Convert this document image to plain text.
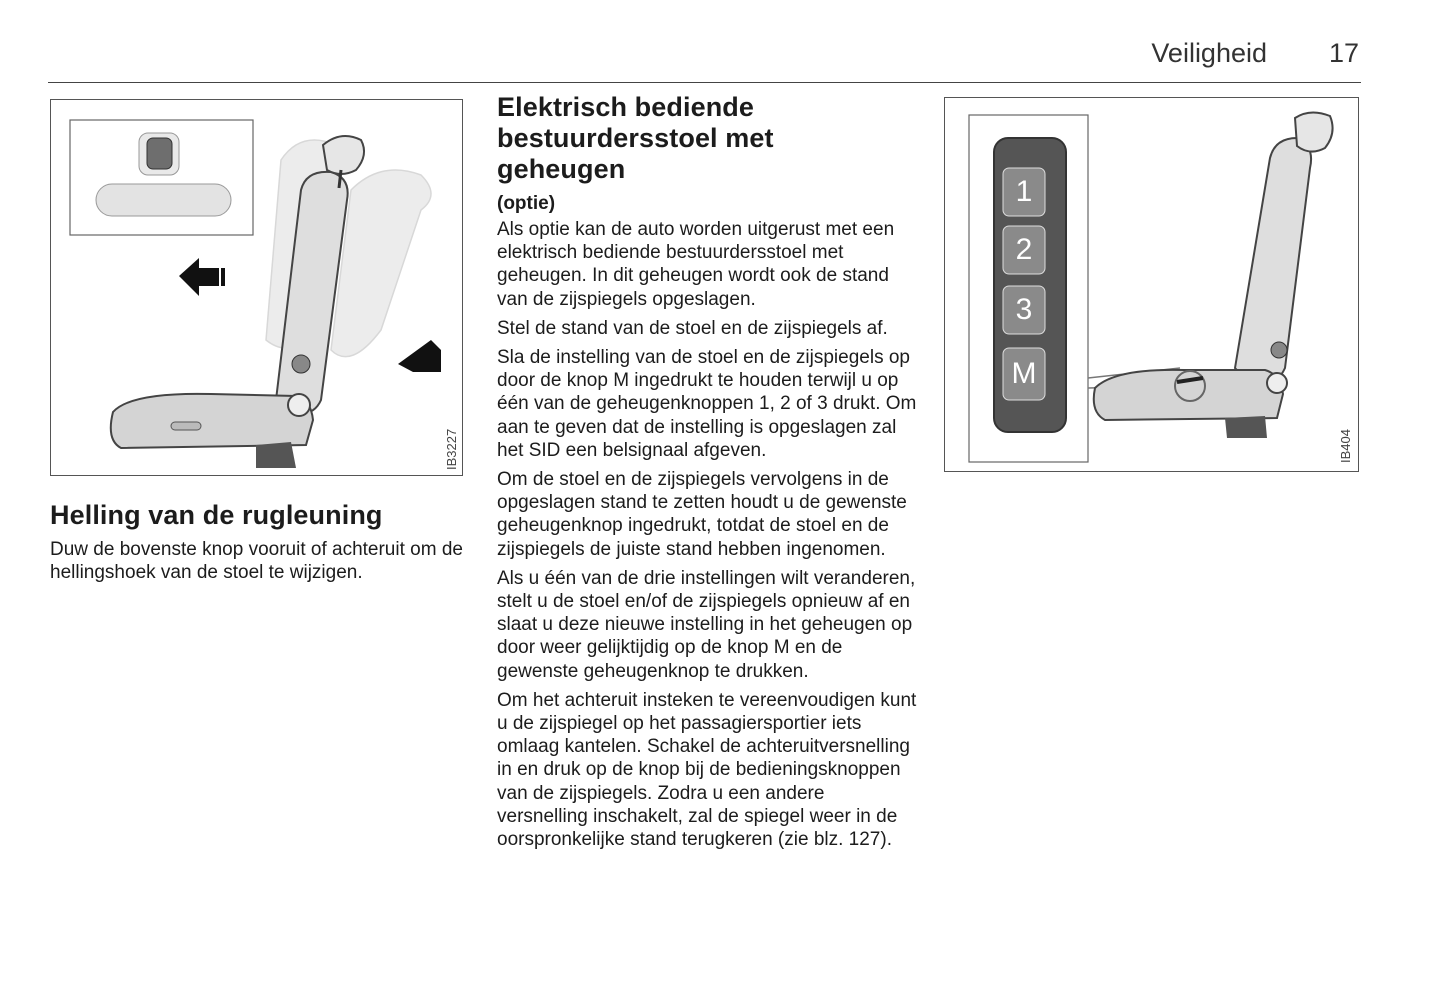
Veiligheid 17
IB3227
Helling van de rugleuning
Duw de bovenste knop vooruit of achteruit om de hellingshoek van de stoel te wijzigen.
Elektrisch bediende bestuurdersstoel met geheugen
(optie)

Als optie kan de auto worden uitgerust met een elektrisch bediende bestuurdersstoel met geheugen. In dit geheugen wordt ook de stand van de zijspiegels opgeslagen.

Stel de stand van de stoel en de zijspiegels af.

Sla de instelling van de stoel en de zijspiegels op door de knop M ingedrukt te houden terwijl u op één van de geheugenknoppen 1, 2 of 3 drukt. Om aan te geven dat de instelling is opgeslagen zal het SID een belsignaal afgeven.

Om de stoel en de zijspiegels vervolgens in de opgeslagen stand te zetten houdt u de gewenste geheugenknop ingedrukt, totdat de stoel en de zijspiegels de juiste stand hebben ingenomen.

Als u één van de drie instellingen wilt veranderen, stelt u de stoel en/of de zijspiegels opnieuw af en slaat u deze nieuwe instelling in het geheugen op door weer gelijktijdig op de knop M en de gewenste geheugenknop te drukken.

Om het achteruit insteken te vereenvoudigen kunt u de zijspiegel op het passagiersportier iets omlaag kantelen. Schakel de achteruitversnelling in en druk op de knop bij de bedieningsknoppen van de zijspiegels. Zodra u een andere versnelling inschakelt, zal de spiegel weer in de oorspronkelijke stand terugkeren (zie blz. 127).

1
2
3
M
IB404
